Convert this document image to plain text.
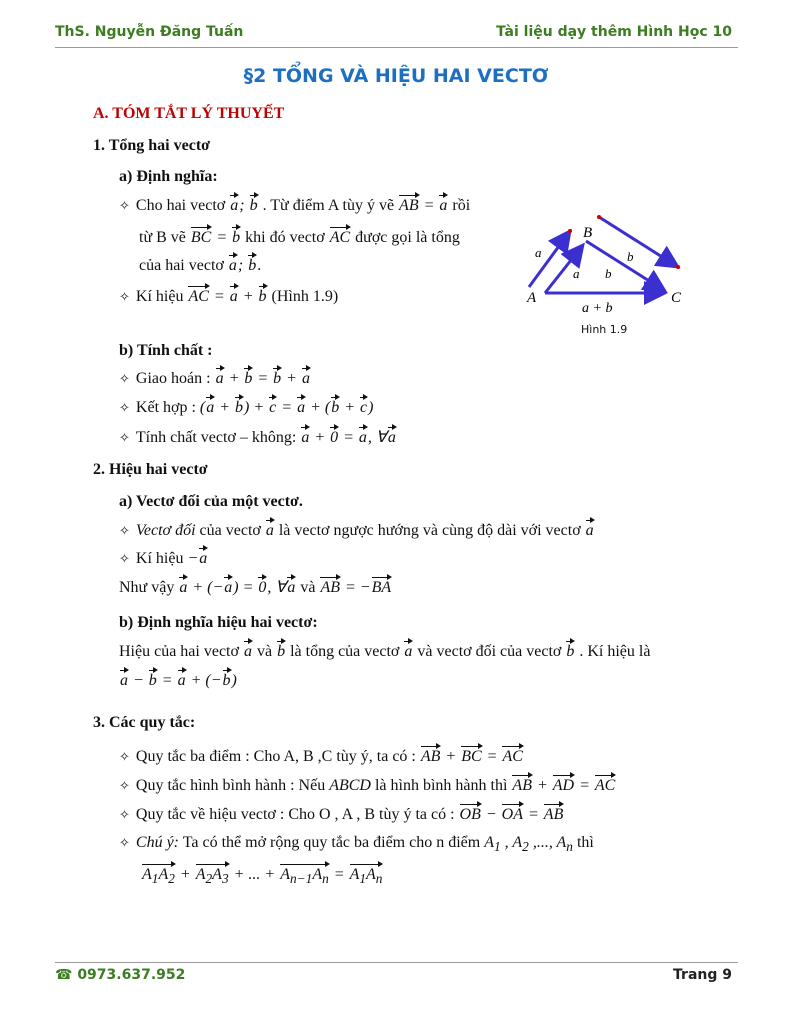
ThS. Nguyễn Đăng Tuấn	Tài liệu dạy thêm Hình Học 10
§2 TỔNG VÀ HIỆU HAI VECTƠ
A. TÓM TẮT LÝ THUYẾT
1. Tổng hai vectơ
a) Định nghĩa:
✧ Cho hai vectơ a; b . Từ điểm A tùy ý vẽ AB = a rồi
từ B vẽ BC = b khi đó vectơ AC được gọi là tổng
của hai vectơ a; b.
✧ Kí hiệu AC = a + b (Hình 1.9)	A
B
C
a
a b
b
a + b
Hình 1.9
b) Tính chất :
✧ Giao hoán : a + b = b + a
✧ Kết hợp : (a + b) + c = a + (b + c)
✧ Tính chất vectơ – không: a + 0 = a, ∀a
2. Hiệu hai vectơ
a) Vectơ đối của một vectơ.
✧ Vectơ đối của vectơ a là vectơ ngược hướng và cùng độ dài với vectơ a
✧ Kí hiệu −a
Như vậy a + (−a) = 0, ∀a và AB = −BA
b) Định nghĩa hiệu hai vectơ:
Hiệu của hai vectơ a và b là tổng của vectơ a và vectơ đối của vectơ b . Kí hiệu là
a − b = a + (−b)
3. Các quy tắc:
✧ Quy tắc ba điểm : Cho A, B ,C tùy ý, ta có : AB + BC = AC
✧ Quy tắc hình bình hành : Nếu ABCD là hình bình hành thì AB + AD = AC
✧ Quy tắc về hiệu vectơ : Cho O , A , B tùy ý ta có : OB − OA = AB
✧ Chú ý: Ta có thể mở rộng quy tắc ba điểm cho n điểm $A_1$ , $A_2$ ,..., $A_n$ thì
$A_1A_2 + A_2A_3$ + ... + $A_{n-1}A_n = A_1A_n$
☎ 0973.637.952	Trang 9
